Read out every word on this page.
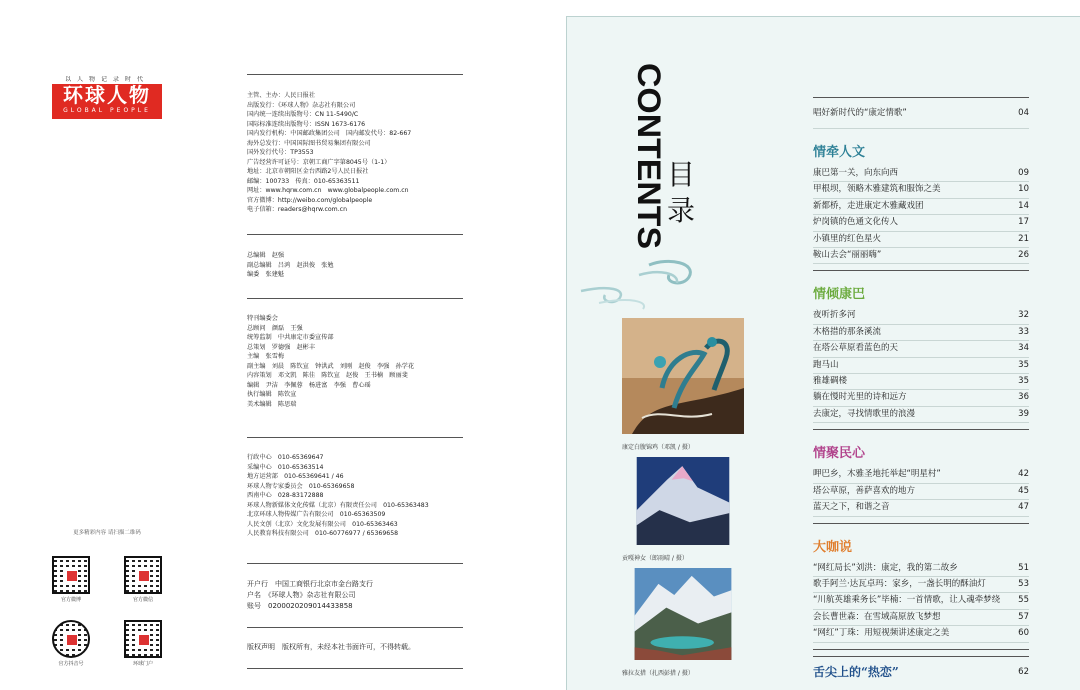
以人物记录时代
环球人物
GLOBAL PEOPLE
主管、主办：人民日报社
出版发行：《环球人物》杂志社有限公司
国内统一连续出版物号：CN 11-5490/C
国际标准连续出版物号：ISSN 1673-6176
国内发行机构：中国邮政集团公司　国内邮发代号：82-667
海外总发行：中国国际图书贸易集团有限公司
国外发行代号：TP3553
广告经营许可证号：京朝工商广字第8045号（1-1）
地址：北京市朝阳区金台西路2号人民日报社
邮编：100733　传真：010-65363511
网址：www.hqrw.com.cn　www.globalpeople.com.cn
官方微博：http://weibo.com/globalpeople
电子信箱：readers@hqrw.com.cn
总编辑　赵强
副总编辑　吕鸿　赵洪俊　张勉
编委　张建魁
特刊编委会
总顾问　颜磊　王强
统筹监制　中共康定市委宣传部
总策划　罗德强　赵彬丰
主编　张雪梅
副主编　刘晨　陈钦宣　钟洪武　刘刚　赵俊　李强　孙学花
内容策划　邓文凯　陈佳　陈钦宣　赵俊　王书楠　顾丽斐
编辑　尹洁　李佩蓉　杨进富　李强　曹心瑶
执行编辑　陈钦宣
美术编辑　陈思瑞
行政中心　010-65369647
采编中心　010-65363514
地方运营部　010-65369641 / 46
环球人物专家委员会　010-65369658
西南中心　028-83172888
环球人物新媒体文化传媒（北京）有限责任公司　010-65363483
北京环球人物传媒广告有限公司　010-65363509
人民文创（北京）文化发展有限公司　010-65363463
人民教育科技有限公司　010-60776977 / 65369658
开户行　中国工商银行北京市金台路支行
户名　《环球人物》杂志社有限公司
账号　0200020209014433858
版权声明　版权所有，未经本社书面许可，不得转载。
更多精彩内容 请扫描二维码
官方微博	官方微信
官方抖音号	环球门户
CONTENTS 目
录
康定白腹锦鸡（邓凯 / 摄）
贡嘎神女（郎雨晴 / 摄）
雅拉友措（扎西彭措 / 摄）
唱好新时代的“康定情歌”	04
情牵人文
康巴第一关，向东向西	09
甲根坝，领略木雅建筑和服饰之美	10
新都桥，走进康定木雅藏戏团	14
炉岗镇的色通文化传人	17
小镇里的红色星火	21
鞍山去会“丽丽嗨”	26
情倾康巴
夜听折多河	32
木格措的那条溪流	33
在塔公草原看蓝色的天	34
跑马山	35
雅雄碉楼	35
躺在慢时光里的诗和远方	36
去康定，寻找情歌里的浪漫	39
情聚民心
呷巴乡，木雅圣地托举起“明星村”	42
塔公草原，善萨喜欢的地方	45
蓝天之下，和谐之音	47
大咖说
“网红局长”刘洪：康定，我的第二故乡	51
歌手阿兰·达瓦卓玛：家乡，一盏长明的酥油灯	53
“川航英雄乘务长”毕楠：一首情歌，让人魂牵梦绕 55
会长曹世森：在雪域高原放飞梦想	57
“网红”丁珠：用短视频讲述康定之美	60
舌尖上的“热恋”	62
